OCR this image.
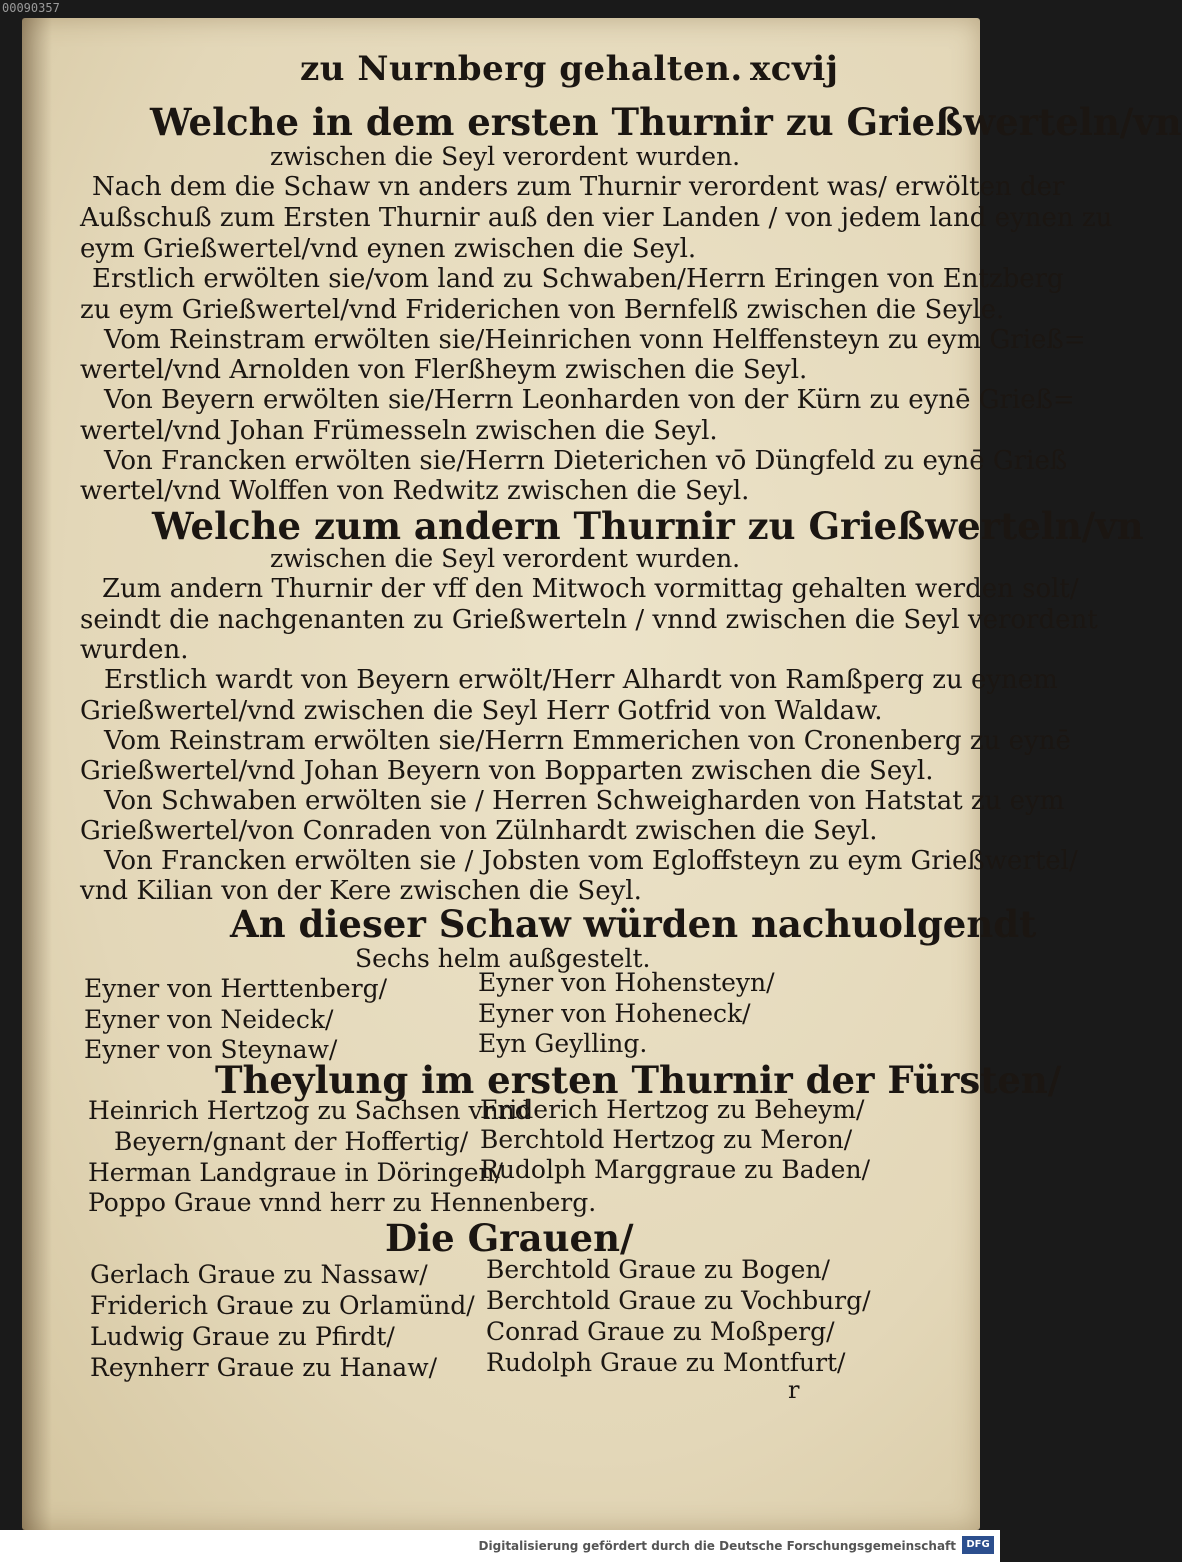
00090357
zu Nurnberg gehalten. xcvij
Welche in dem ersten Thurnir zu Grießwerteln/vn
zwischen die Seyl verordent wurden.
Nach dem die Schaw vn anders zum Thurnir verordent was/ erwölten der
Außschuß zum Ersten Thurnir auß den vier Landen / von jedem land eynen zu
eym Grießwertel/vnd eynen zwischen die Seyl.
Erstlich erwölten sie/vom land zu Schwaben/Herrn Eringen von Entzberg
zu eym Grießwertel/vnd Friderichen von Bernfelß zwischen die Seyle.
Vom Reinstram erwölten sie/Heinrichen vonn Helffensteyn zu eym Grieß=
wertel/vnd Arnolden von Flerßheym zwischen die Seyl.
Von Beyern erwölten sie/Herrn Leonharden von der Kürn zu eynē Grieß=
wertel/vnd Johan Frümesseln zwischen die Seyl.
Von Francken erwölten sie/Herrn Dieterichen vō Düngfeld zu eynē Grieß
wertel/vnd Wolffen von Redwitz zwischen die Seyl.
Welche zum andern Thurnir zu Grießwerteln/vn
zwischen die Seyl verordent wurden.
Zum andern Thurnir der vff den Mitwoch vormittag gehalten werden solt/
seindt die nachgenanten zu Grießwerteln / vnnd zwischen die Seyl verordent
wurden.
Erstlich wardt von Beyern erwölt/Herr Alhardt von Ramßperg zu eynem
Grießwertel/vnd zwischen die Seyl Herr Gotfrid von Waldaw.
Vom Reinstram erwölten sie/Herrn Emmerichen von Cronenberg zu eynē
Grießwertel/vnd Johan Beyern von Bopparten zwischen die Seyl.
Von Schwaben erwölten sie / Herren Schweigharden von Hatstat zu eym
Grießwertel/von Conraden von Zülnhardt zwischen die Seyl.
Von Francken erwölten sie / Jobsten vom Egloffsteyn zu eym Grießwertel/
vnd Kilian von der Kere zwischen die Seyl.
An dieser Schaw würden nachuolgendt
Sechs helm außgestelt.
Eyner von Herttenberg/
Eyner von Neideck/
Eyner von Steynaw/
Eyner von Hohensteyn/
Eyner von Hoheneck/
Eyn Geylling.
Theylung im ersten Thurnir der Fürsten/
Heinrich Hertzog zu Sachsen vnnd
Beyern/gnant der Hoffertig/
Herman Landgraue in Döringen/
Friderich Hertzog zu Beheym/
Berchtold Hertzog zu Meron/
Rudolph Marggraue zu Baden/
Poppo Graue vnnd herr zu Hennenberg.
Die Grauen/
Gerlach Graue zu Nassaw/
Friderich Graue zu Orlamünd/
Ludwig Graue zu Pfirdt/
Reynherr Graue zu Hanaw/
Berchtold Graue zu Bogen/
Berchtold Graue zu Vochburg/
Conrad Graue zu Moßperg/
Rudolph Graue zu Montfurt/
r
Digitalisierung gefördert durch die Deutsche Forschungsgemeinschaft	DFG
